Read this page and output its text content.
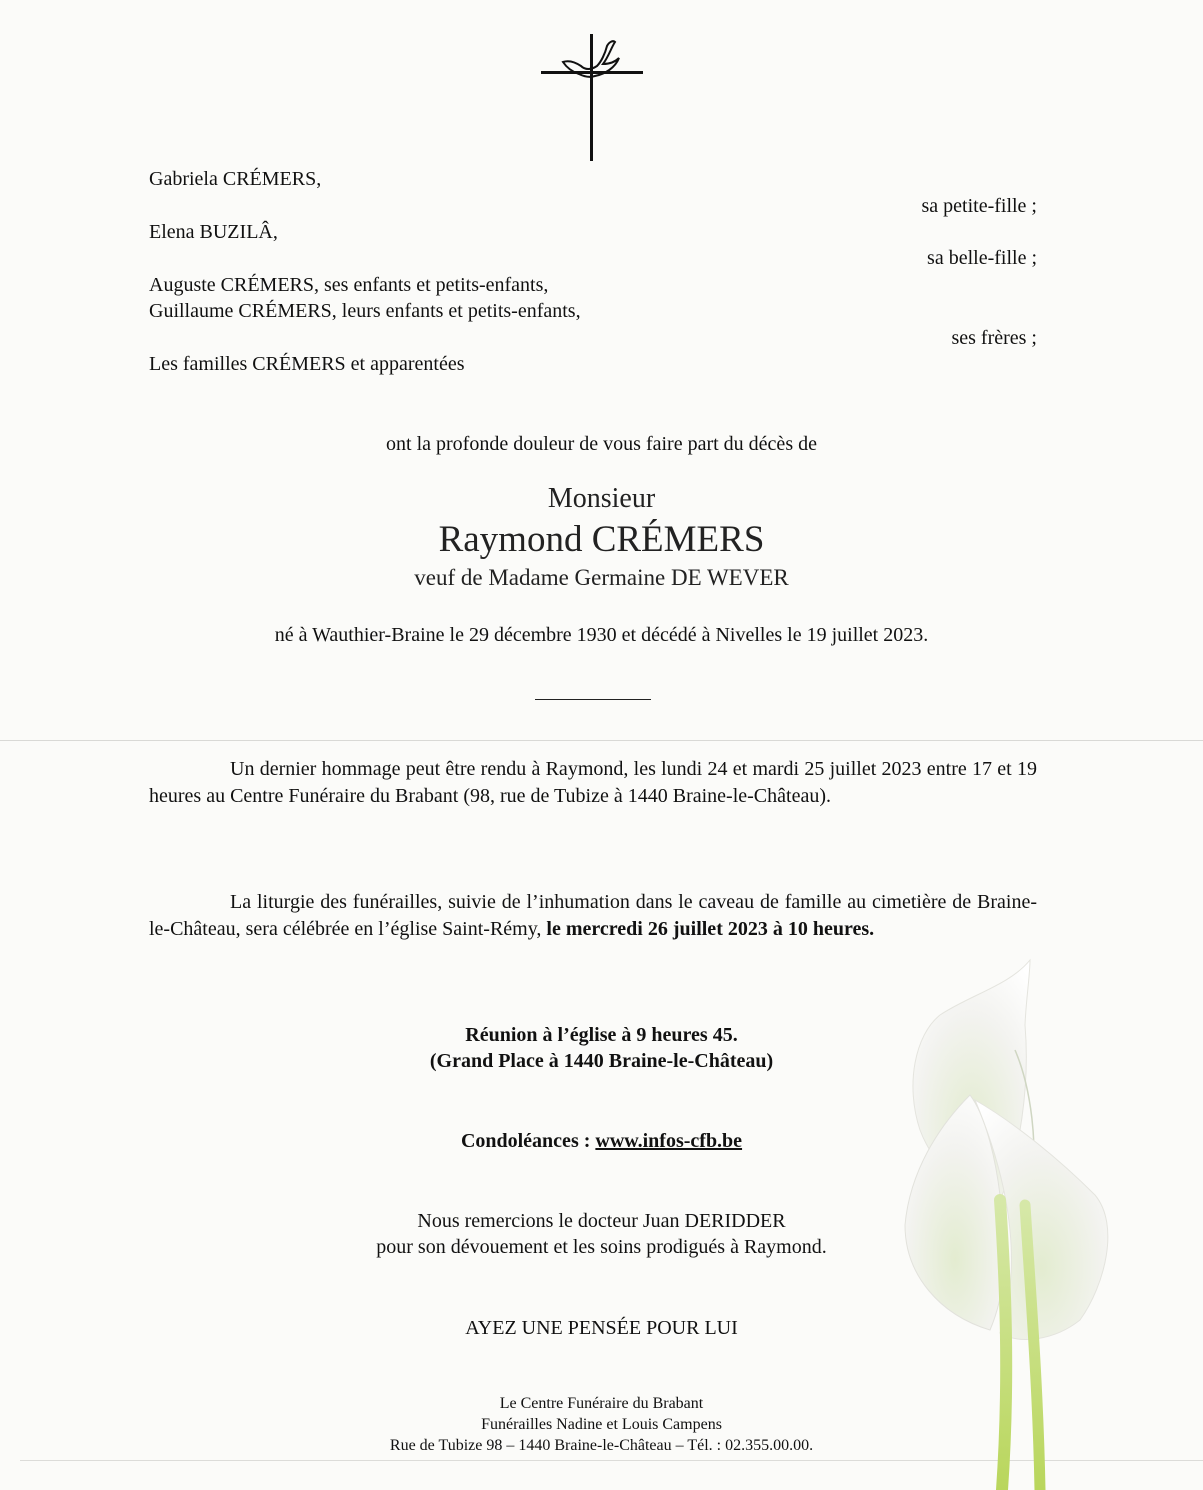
Gabriela CRÉMERS,
sa petite-fille ;
Elena BUZILÂ,
sa belle-fille ;
Auguste CRÉMERS, ses enfants et petits-enfants,
Guillaume CRÉMERS, leurs enfants et petits-enfants,
ses frères ;
Les familles CRÉMERS et apparentées
ont la profonde douleur de vous faire part du décès de
Monsieur
Raymond CRÉMERS
veuf de Madame Germaine DE WEVER
né à Wauthier-Braine le 29 décembre 1930 et décédé à Nivelles le 19 juillet 2023.
Un dernier hommage peut être rendu à Raymond, les lundi 24 et mardi 25 juillet 2023 entre 17 et 19 heures au Centre Funéraire du Brabant (98, rue de Tubize à 1440 Braine-le-Château).
La liturgie des funérailles, suivie de l’inhumation dans le caveau de famille au cimetière de Braine-le-Château, sera célébrée en l’église Saint-Rémy, le mercredi 26 juillet 2023 à 10 heures.
Réunion à l’église à 9 heures 45.
(Grand Place à 1440 Braine-le-Château)
Condoléances : www.infos-cfb.be
Nous remercions le docteur Juan DERIDDER
pour son dévouement et les soins prodigués à Raymond.
AYEZ UNE PENSÉE POUR LUI
Le Centre Funéraire du Brabant
Funérailles Nadine et Louis Campens
Rue de Tubize 98 – 1440 Braine-le-Château – Tél. : 02.355.00.00.
